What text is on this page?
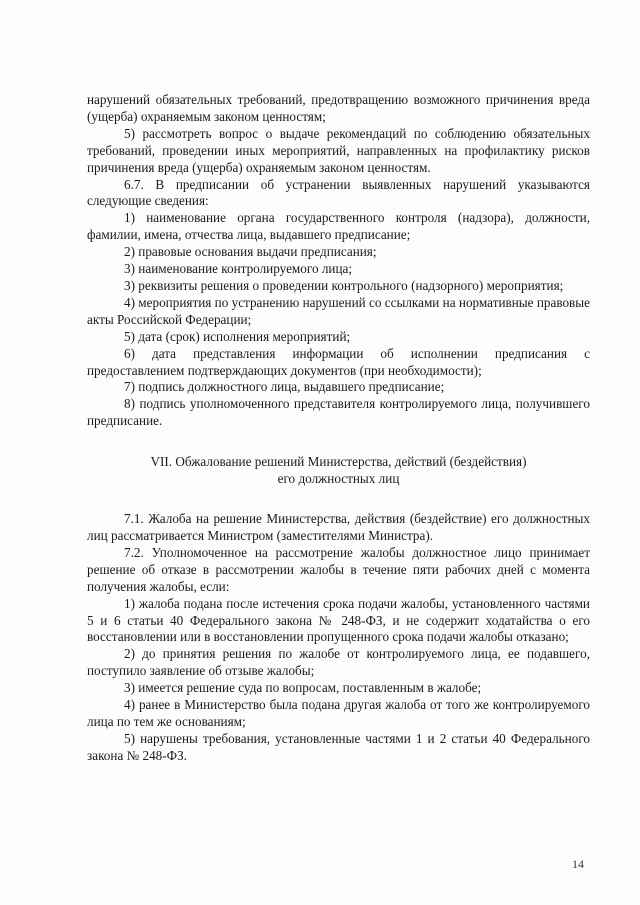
нарушений обязательных требований, предотвращению возможного причинения вреда (ущерба) охраняемым законом ценностям;

5) рассмотреть вопрос о выдаче рекомендаций по соблюдению обязательных требований, проведении иных мероприятий, направленных на профилактику рисков причинения вреда (ущерба) охраняемым законом ценностям.

6.7. В предписании об устранении выявленных нарушений указываются следующие сведения:

1) наименование органа государственного контроля (надзора), должности, фамилии, имена, отчества лица, выдавшего предписание;

2) правовые основания выдачи предписания;

3) наименование контролируемого лица;

3) реквизиты решения о проведении контрольного (надзорного) мероприятия;

4) мероприятия по устранению нарушений со ссылками на нормативные правовые акты Российской Федерации;

5) дата (срок) исполнения мероприятий;

6) дата представления информации об исполнении предписания с предоставлением подтверждающих документов (при необходимости);

7) подпись должностного лица, выдавшего предписание;

8) подпись уполномоченного представителя контролируемого лица, получившего предписание.

VII. Обжалование решений Министерства, действий (бездействия)
его должностных лиц

7.1. Жалоба на решение Министерства, действия (бездействие) его должностных лиц рассматривается Министром (заместителями Министра).

7.2. Уполномоченное на рассмотрение жалобы должностное лицо принимает решение об отказе в рассмотрении жалобы в течение пяти рабочих дней с момента получения жалобы, если:

1) жалоба подана после истечения срока подачи жалобы, установленного частями 5 и 6 статьи 40 Федерального закона № 248-ФЗ, и не содержит ходатайства о его восстановлении или в восстановлении пропущенного срока подачи жалобы отказано;

2) до принятия решения по жалобе от контролируемого лица, ее подавшего, поступило заявление об отзыве жалобы;

3) имеется решение суда по вопросам, поставленным в жалобе;

4) ранее в Министерство была подана другая жалоба от того же контролируемого лица по тем же основаниям;

5) нарушены требования, установленные частями 1 и 2 статьи 40 Федерального закона № 248-ФЗ.

14
